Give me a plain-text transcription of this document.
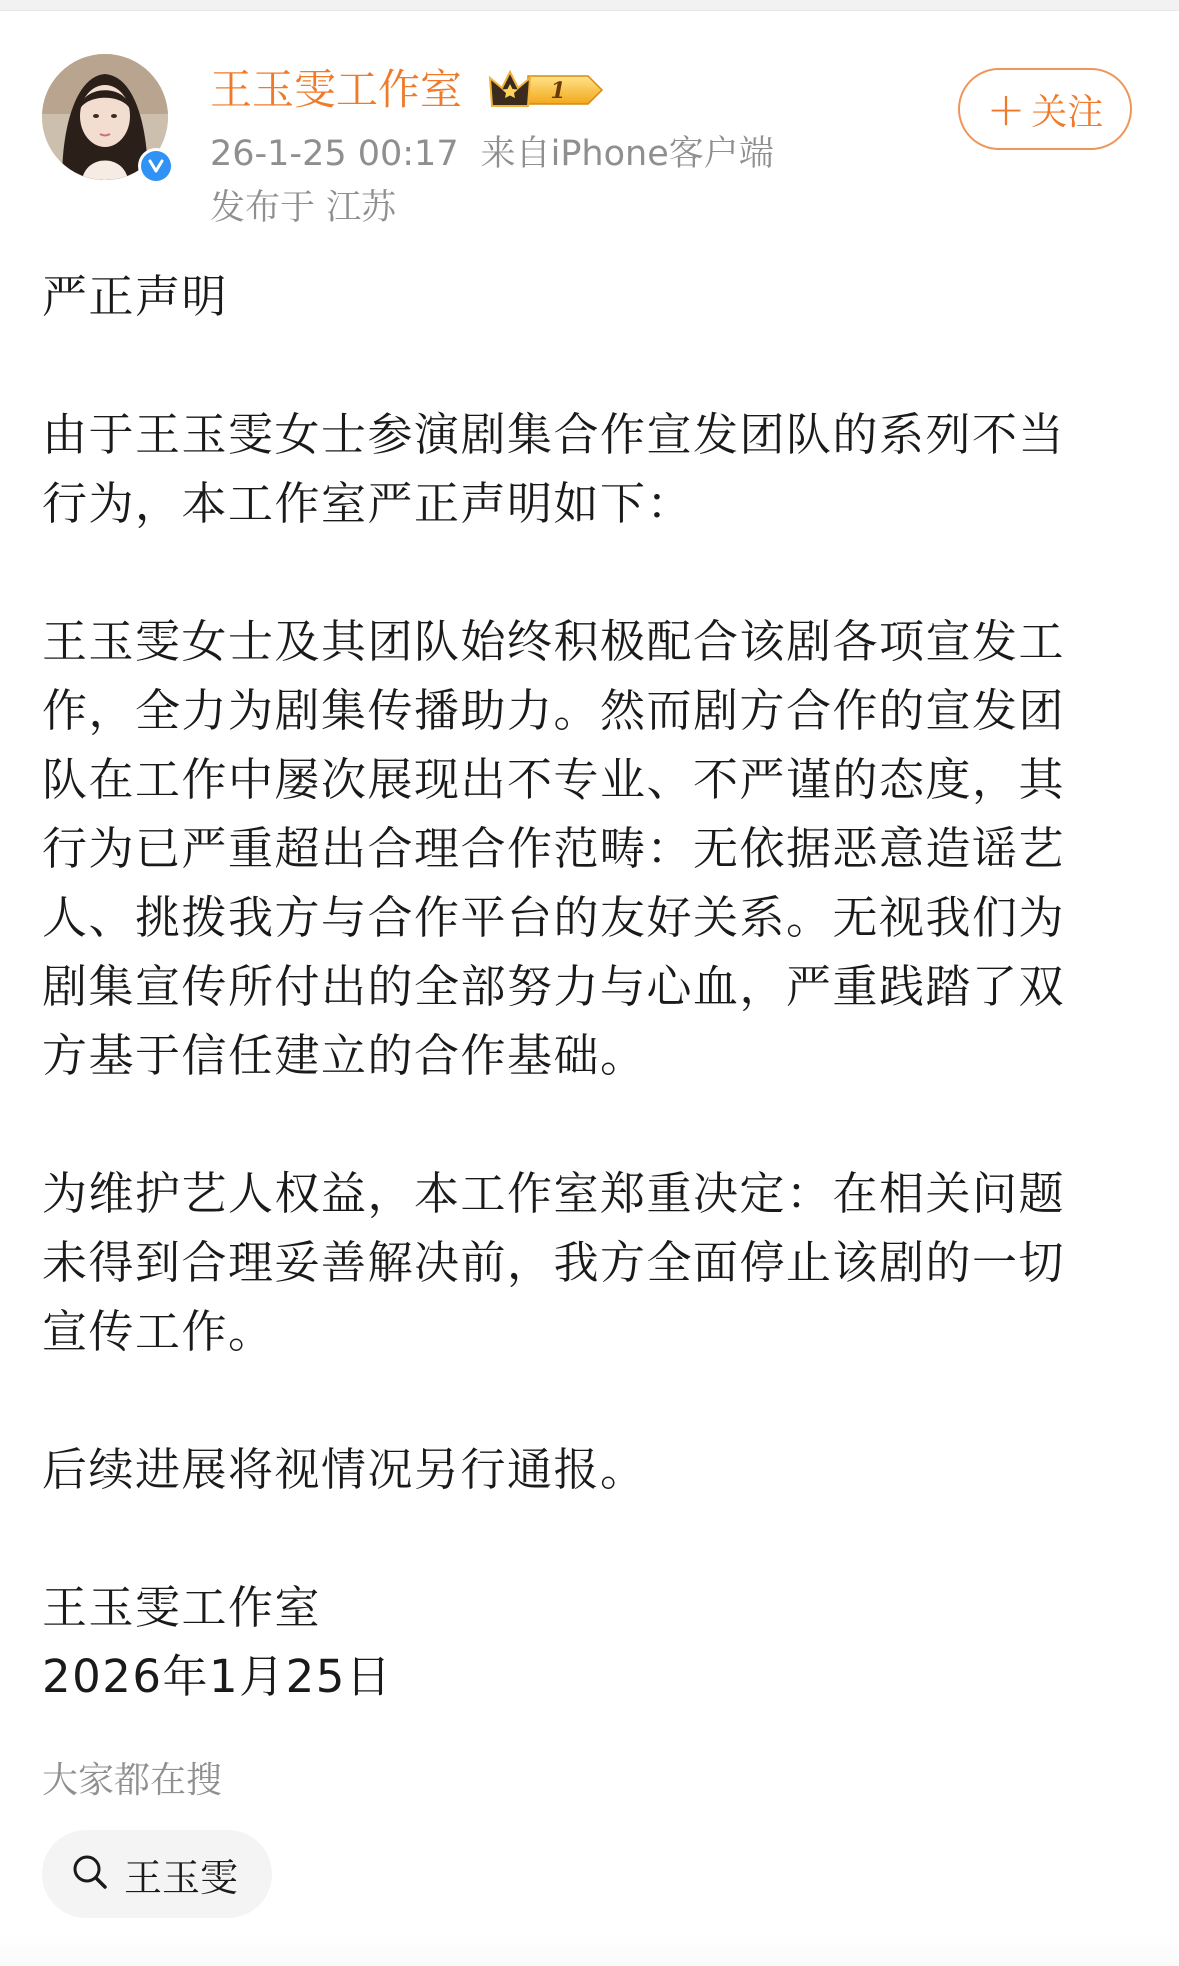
王玉雯工作室	1
26-1-25 00:17 来自iPhone客户端
发布于 江苏
+ 关注

严正声明

由于王玉雯女士参演剧集合作宣发团队的系列不当行为，本工作室严正声明如下：

王玉雯女士及其团队始终积极配合该剧各项宣发工作，全力为剧集传播助力。然而剧方合作的宣发团队在工作中屡次展现出不专业、不严谨的态度，其行为已严重超出合理合作范畴：无依据恶意造谣艺人、挑拨我方与合作平台的友好关系。无视我们为剧集宣传所付出的全部努力与心血，严重践踏了双方基于信任建立的合作基础。

为维护艺人权益，本工作室郑重决定：在相关问题未得到合理妥善解决前，我方全面停止该剧的一切宣传工作。

后续进展将视情况另行通报。

王玉雯工作室

2026年1月25日

大家都在搜
王玉雯
